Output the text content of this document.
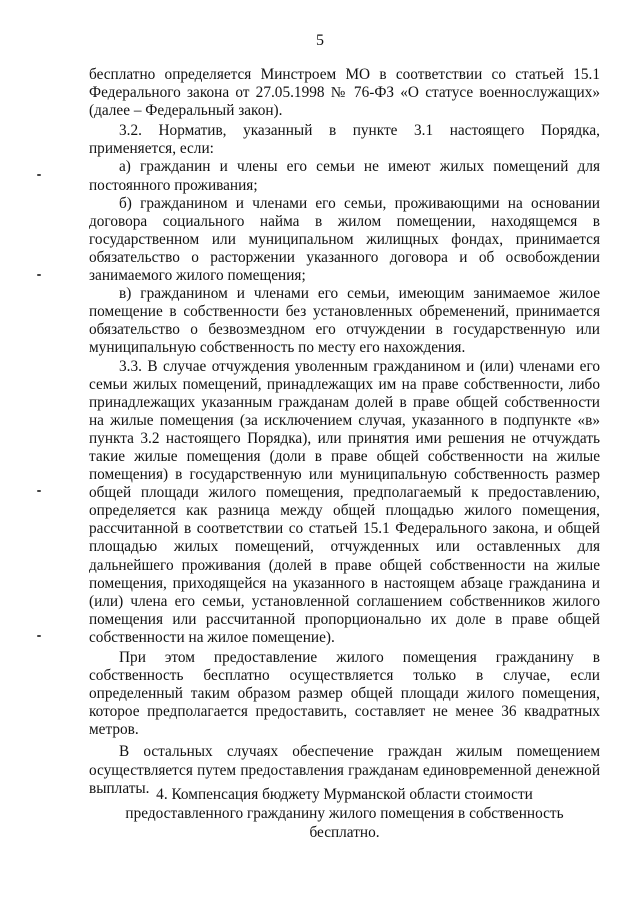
5

бесплатно определяется Минстроем МО в соответствии со статьей 15.1 Федерального закона от 27.05.1998 № 76-ФЗ «О статусе военнослужащих» (далее – Федеральный закон).

3.2. Норматив, указанный в пункте 3.1 настоящего Порядка, применяется, если:

а) гражданин и члены его семьи не имеют жилых помещений для постоянного проживания;

б) гражданином и членами его семьи, проживающими на основании договора социального найма в жилом помещении, находящемся в государственном или муниципальном жилищных фондах, принимается обязательство о расторжении указанного договора и об освобождении занимаемого жилого помещения;

в) гражданином и членами его семьи, имеющим занимаемое жилое помещение в собственности без установленных обременений, принимается обязательство о безвозмездном его отчуждении в государственную или муниципальную собственность по месту его нахождения.

3.3. В случае отчуждения уволенным гражданином и (или) членами его семьи жилых помещений, принадлежащих им на праве собственности, либо принадлежащих указанным гражданам долей в праве общей собственности на жилые помещения (за исключением случая, указанного в подпункте «в» пункта 3.2 настоящего Порядка), или принятия ими решения не отчуждать такие жилые помещения (доли в праве общей собственности на жилые помещения) в государственную или муниципальную собственность размер общей площади жилого помещения, предполагаемый к предоставлению, определяется как разница между общей площадью жилого помещения, рассчитанной в соответствии со статьей 15.1 Федерального закона, и общей площадью жилых помещений, отчужденных или оставленных для дальнейшего проживания (долей в праве общей собственности на жилые помещения, приходящейся на указанного в настоящем абзаце гражданина и (или) члена его семьи, установленной соглашением собственников жилого помещения или рассчитанной пропорционально их доле в праве общей собственности на жилое помещение).

При этом предоставление жилого помещения гражданину в собственность бесплатно осуществляется только в случае, если определенный таким образом размер общей площади жилого помещения, которое предполагается предоставить, составляет не менее 36 квадратных метров.

В остальных случаях обеспечение граждан жилым помещением осуществляется путем предоставления гражданам единовременной денежной выплаты. 4. Компенсация бюджету Мурманской области стоимости
предоставленного гражданину жилого помещения в собственность
бесплатно.
